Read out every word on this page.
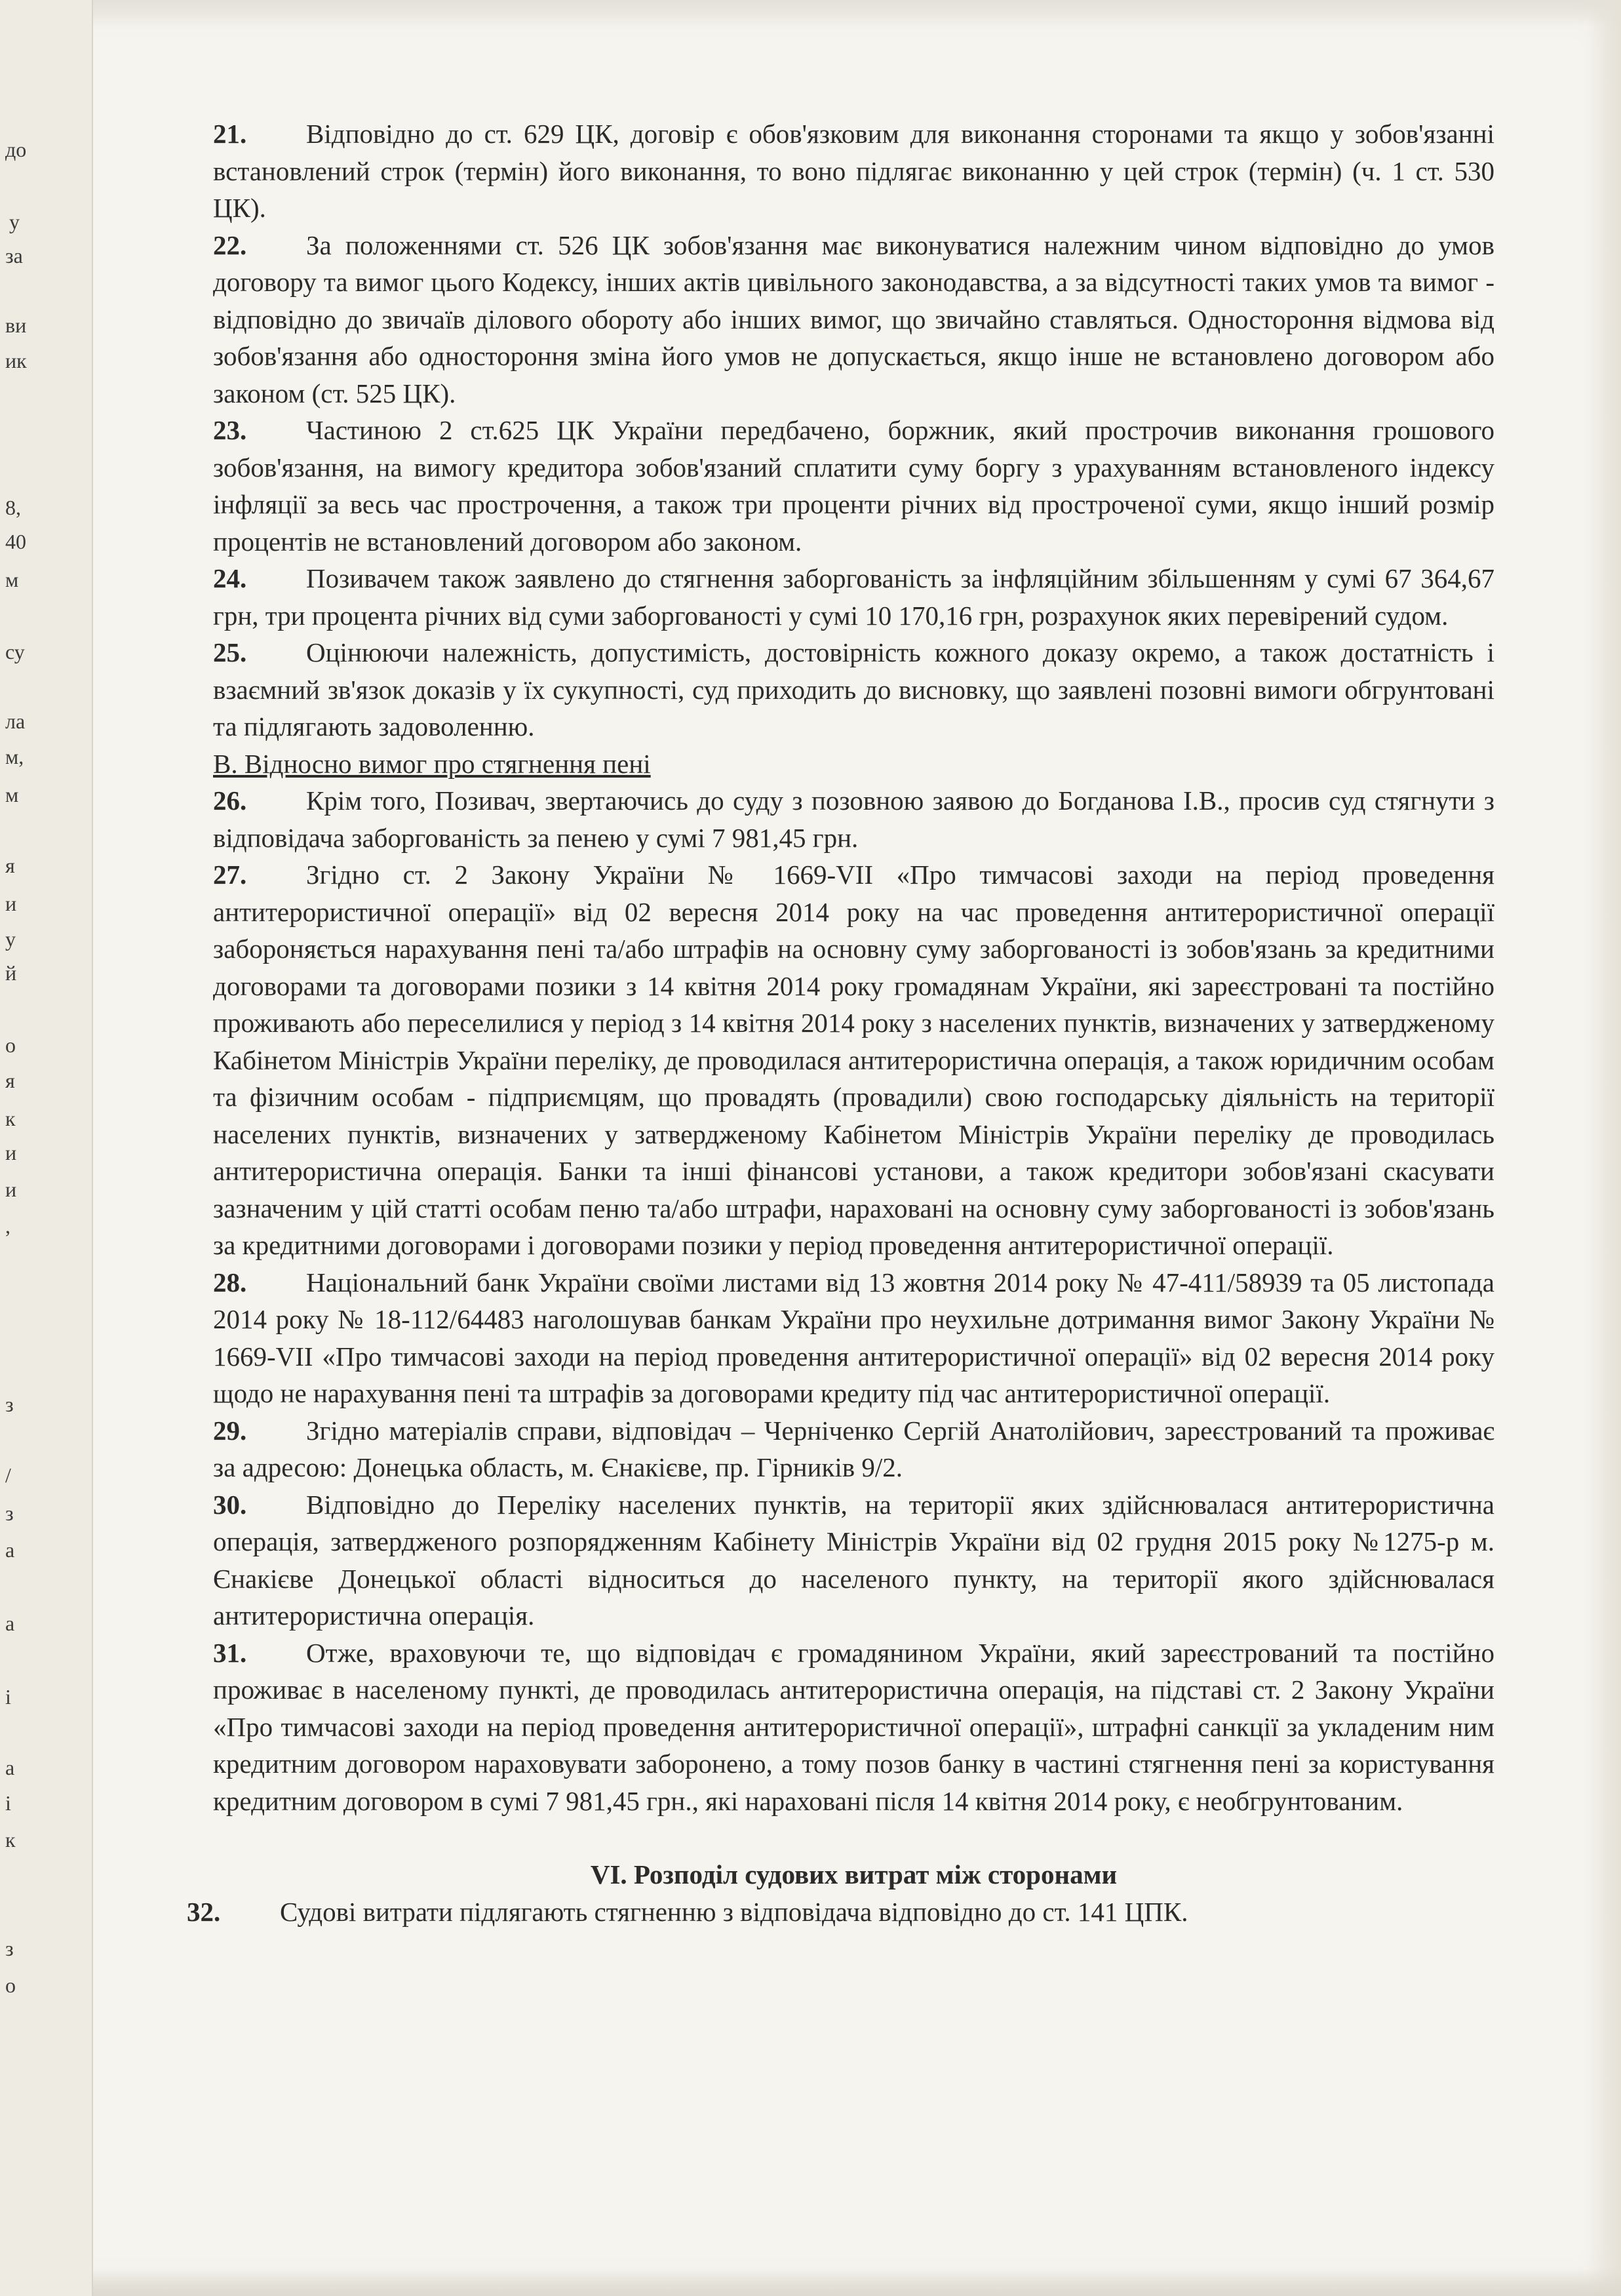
до
у
за
ви
ик
8,
40
м
су
ла
м,
м
я
и
у
й
о
я
к
и
и
,
з
/
з
а
а
і
а
і
к
з
о

21. Відповідно до ст. 629 ЦК, договір є обов'язковим для виконання сторонами та якщо у зобов'язанні встановлений строк (термін) його виконання, то воно підлягає виконанню у цей строк (термін) (ч. 1 ст. 530 ЦК).

22. За положеннями ст. 526 ЦК зобов'язання має виконуватися належним чином відповідно до умов договору та вимог цього Кодексу, інших актів цивільного законодавства, а за відсутності таких умов та вимог - відповідно до звичаїв ділового обороту або інших вимог, що звичайно ставляться. Одностороння відмова від зобов'язання або одностороння зміна його умов не допускається, якщо інше не встановлено договором або законом (ст. 525 ЦК).

23. Частиною 2 ст.625 ЦК України передбачено, боржник, який прострочив виконання грошового зобов'язання, на вимогу кредитора зобов'язаний сплатити суму боргу з урахуванням встановленого індексу інфляції за весь час прострочення, а також три проценти річних від простроченої суми, якщо інший розмір процентів не встановлений договором або законом.

24. Позивачем також заявлено до стягнення заборгованість за інфляційним збільшенням у сумі 67 364,67 грн, три процента річних від суми заборгованості у сумі 10 170,16 грн, розрахунок яких перевірений судом.

25. Оцінюючи належність, допустимість, достовірність кожного доказу окремо, а також достатність і взаємний зв'язок доказів у їх сукупності, суд приходить до висновку, що заявлені позовні вимоги обгрунтовані та підлягають задоволенню.

В. Відносно вимог про стягнення пені

26. Крім того, Позивач, звертаючись до суду з позовною заявою до Богданова І.В., просив суд стягнути з відповідача заборгованість за пенею у сумі 7 981,45 грн.

27. Згідно ст. 2 Закону України № 1669-VII «Про тимчасові заходи на період проведення антитерористичної операції» від 02 вересня 2014 року на час проведення антитерористичної операції забороняється нарахування пені та/або штрафів на основну суму заборгованості із зобов'язань за кредитними договорами та договорами позики з 14 квітня 2014 року громадянам України, які зареєстровані та постійно проживають або переселилися у період з 14 квітня 2014 року з населених пунктів, визначених у затвердженому Кабінетом Міністрів України переліку, де проводилася антитерористична операція, а також юридичним особам та фізичним особам - підприємцям, що провадять (провадили) свою господарську діяльність на території населених пунктів, визначених у затвердженому Кабінетом Міністрів України переліку де проводилась антитерористична операція. Банки та інші фінансові установи, а також кредитори зобов'язані скасувати зазначеним у цій статті особам пеню та/або штрафи, нараховані на основну суму заборгованості із зобов'язань за кредитними договорами і договорами позики у період проведення антитерористичної операції.

28. Національний банк України своїми листами від 13 жовтня 2014 року № 47-411/58939 та 05 листопада 2014 року № 18-112/64483 наголошував банкам України про неухильне дотримання вимог Закону України № 1669-VII «Про тимчасові заходи на період проведення антитерористичної операції» від 02 вересня 2014 року щодо не нарахування пені та штрафів за договорами кредиту під час антитерористичної операції.

29. Згідно матеріалів справи, відповідач – Черніченко Сергій Анатолійович, зареєстрований та проживає за адресою: Донецька область, м. Єнакієве, пр. Гірників 9/2.

30. Відповідно до Переліку населених пунктів, на території яких здійснювалася антитерористична операція, затвердженого розпорядженням Кабінету Міністрів України від 02 грудня 2015 року №1275-р м. Єнакієве Донецької області відноситься до населеного пункту, на території якого здійснювалася антитерористична операція.

31. Отже, враховуючи те, що відповідач є громадянином України, який зареєстрований та постійно проживає в населеному пункті, де проводилась антитерористична операція, на підставі ст. 2 Закону України «Про тимчасові заходи на період проведення антитерористичної операції», штрафні санкції за укладеним ним кредитним договором нараховувати заборонено, а тому позов банку в частині стягнення пені за користування кредитним договором в сумі 7 981,45 грн., які нараховані після 14 квітня 2014 року, є необгрунтованим.

VI. Розподіл судових витрат між сторонами

32. Судові витрати підлягають стягненню з відповідача відповідно до ст. 141 ЦПК.
